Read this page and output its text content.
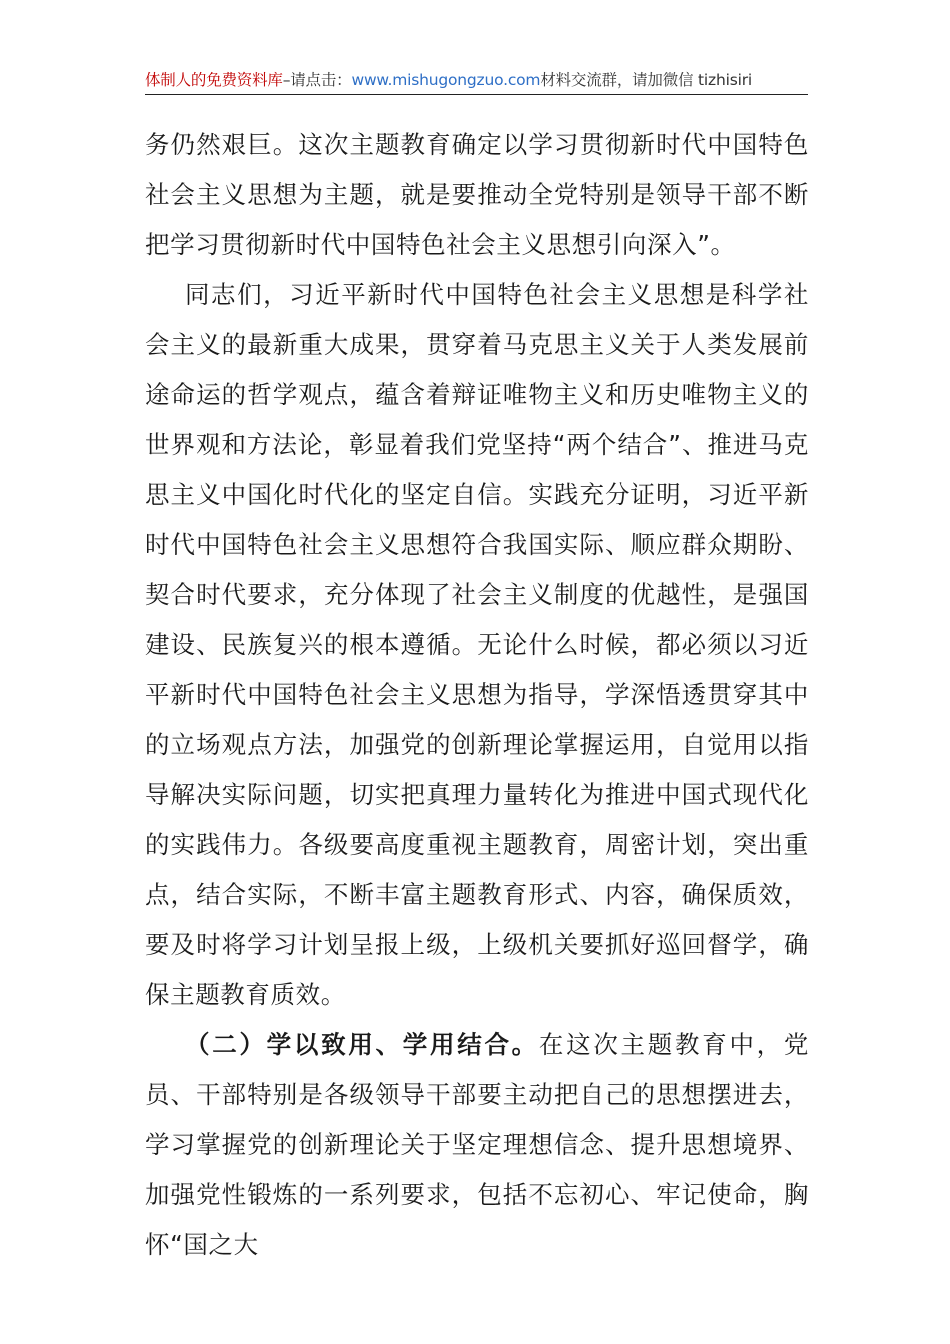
体制人的免费资料库–请点击：www.mishugongzuo.com材料交流群，请加微信 tizhisiri

务仍然艰巨。这次主题教育确定以学习贯彻新时代中国特色社会主义思想为主题，就是要推动全党特别是领导干部不断把学习贯彻新时代中国特色社会主义思想引向深入”。

同志们，习近平新时代中国特色社会主义思想是科学社会主义的最新重大成果，贯穿着马克思主义关于人类发展前途命运的哲学观点，蕴含着辩证唯物主义和历史唯物主义的世界观和方法论，彰显着我们党坚持“两个结合”、推进马克思主义中国化时代化的坚定自信。实践充分证明，习近平新时代中国特色社会主义思想符合我国实际、顺应群众期盼、契合时代要求，充分体现了社会主义制度的优越性，是强国建设、民族复兴的根本遵循。无论什么时候，都必须以习近平新时代中国特色社会主义思想为指导，学深悟透贯穿其中的立场观点方法，加强党的创新理论掌握运用，自觉用以指导解决实际问题，切实把真理力量转化为推进中国式现代化的实践伟力。各级要高度重视主题教育，周密计划，突出重点，结合实际，不断丰富主题教育形式、内容，确保质效，要及时将学习计划呈报上级，上级机关要抓好巡回督学，确保主题教育质效。

（二）学以致用、学用结合。在这次主题教育中，党员、干部特别是各级领导干部要主动把自己的思想摆进去，学习掌握党的创新理论关于坚定理想信念、提升思想境界、加强党性锻炼的一系列要求，包括不忘初心、牢记使命，胸怀“国之大
